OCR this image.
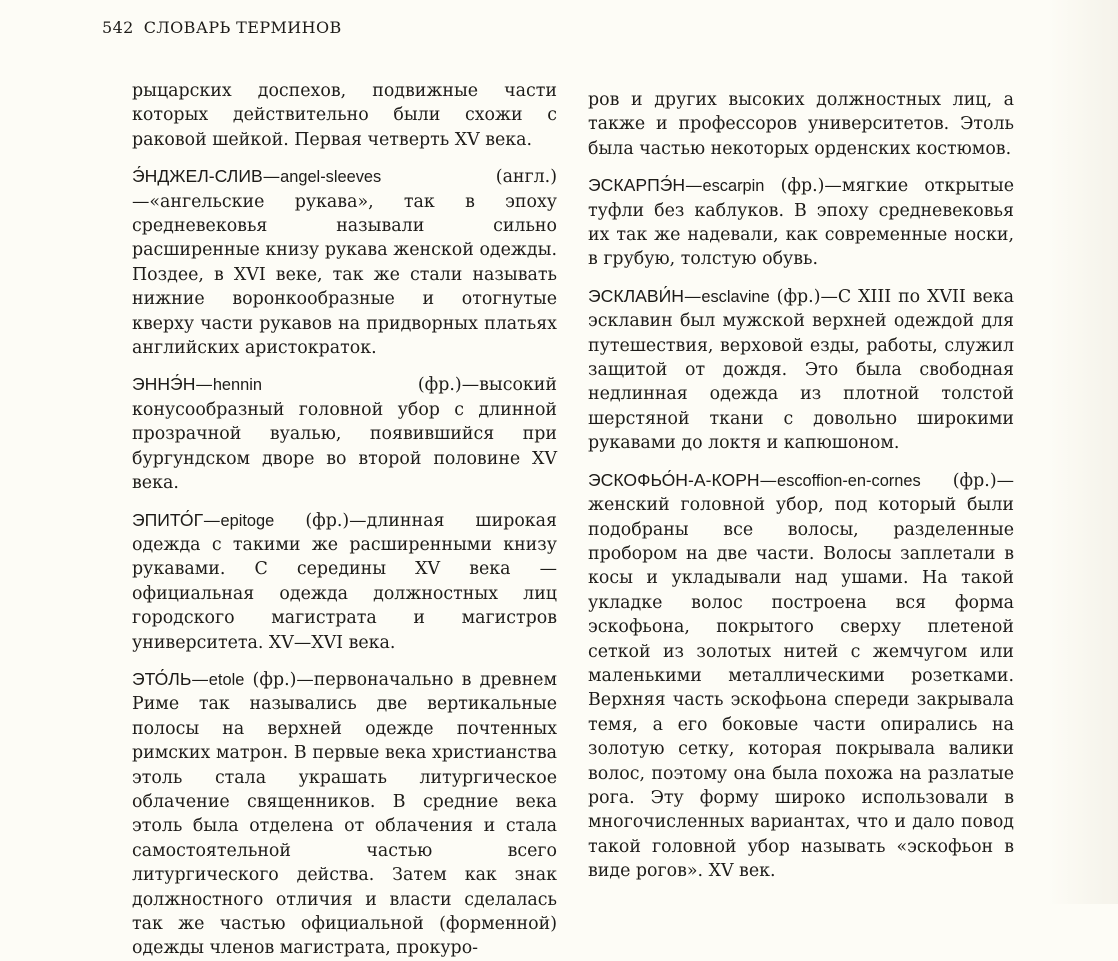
542 СЛОВАРЬ ТЕРМИНОВ

рыцарских доспехов, подвижные части которых действительно были схожи с раковой шейкой. Первая четверть XV века.

Э́НДЖЕЛ-СЛИВ—angel-sleeves	(англ.)—«ангельские рукава», так в эпоху средневековья называли сильно расширенные книзу рукава женской одежды. Поздее, в XVI веке, так же стали называть нижние воронкообразные и отогнутые кверху части рукавов на придворных платьях английских аристократок.

ЭННЭ́Н—hennin	(фр.)—высокий конусообразный головной убор с длинной прозрачной вуалью, появившийся при бургундском дворе во второй половине XV века.

ЭПИТО́Г—epitoge (фр.)—длинная широкая одежда с такими же расширенными книзу рукавами. С середины XV века — официальная одежда должностных лиц городского магистрата и магистров университета. XV—XVI века.

ЭТО́ЛЬ—etole (фр.)—первоначально в древнем Риме так назывались две вертикальные полосы на верхней одежде почтенных римских матрон. В первые века христианства этоль стала украшать литургическое облачение священников. В средние века этоль была отделена от облачения и стала самостоятельной частью всего литургического действа. Затем как знак должностного отличия и власти сделалась так же частью официальной (форменной) одежды членов магистрата, прокуро-

ров и других высоких должностных лиц, а также и профессоров университетов. Этоль была частью некоторых орденских костюмов.

ЭСКАРПЭ́Н—escarpin (фр.)—мягкие открытые туфли без каблуков. В эпоху средневековья их так же надевали, как современные носки, в грубую, толстую обувь.

ЭСКЛАВИ́Н—esclavine (фр.)—С XIII по XVII века эсклавин был мужской верхней одеждой для путешествия, верховой езды, работы, служил защитой от дождя. Это была свободная недлинная одежда из плотной толстой шерстяной ткани с довольно широкими рукавами до локтя и капюшоном.

ЭСКОФЬО́Н-А-КОРН—escoffion-en-cornes (фр.)—женский головной убор, под который были подобраны все волосы, разделенные пробором на две части. Волосы заплетали в косы и укладывали над ушами. На такой укладке волос построена вся форма эскофьона, покрытого сверху плетеной сеткой из золотых нитей с жемчугом или маленькими металлическими розетками. Верхняя часть эскофьона спереди закрывала темя, а его боковые части опирались на золотую сетку, которая покрывала валики волос, поэтому она была похожа на разлатые рога. Эту форму широко использовали в многочисленных вариантах, что и дало повод такой головной убор называть «эскофьон в виде рогов». XV век.
